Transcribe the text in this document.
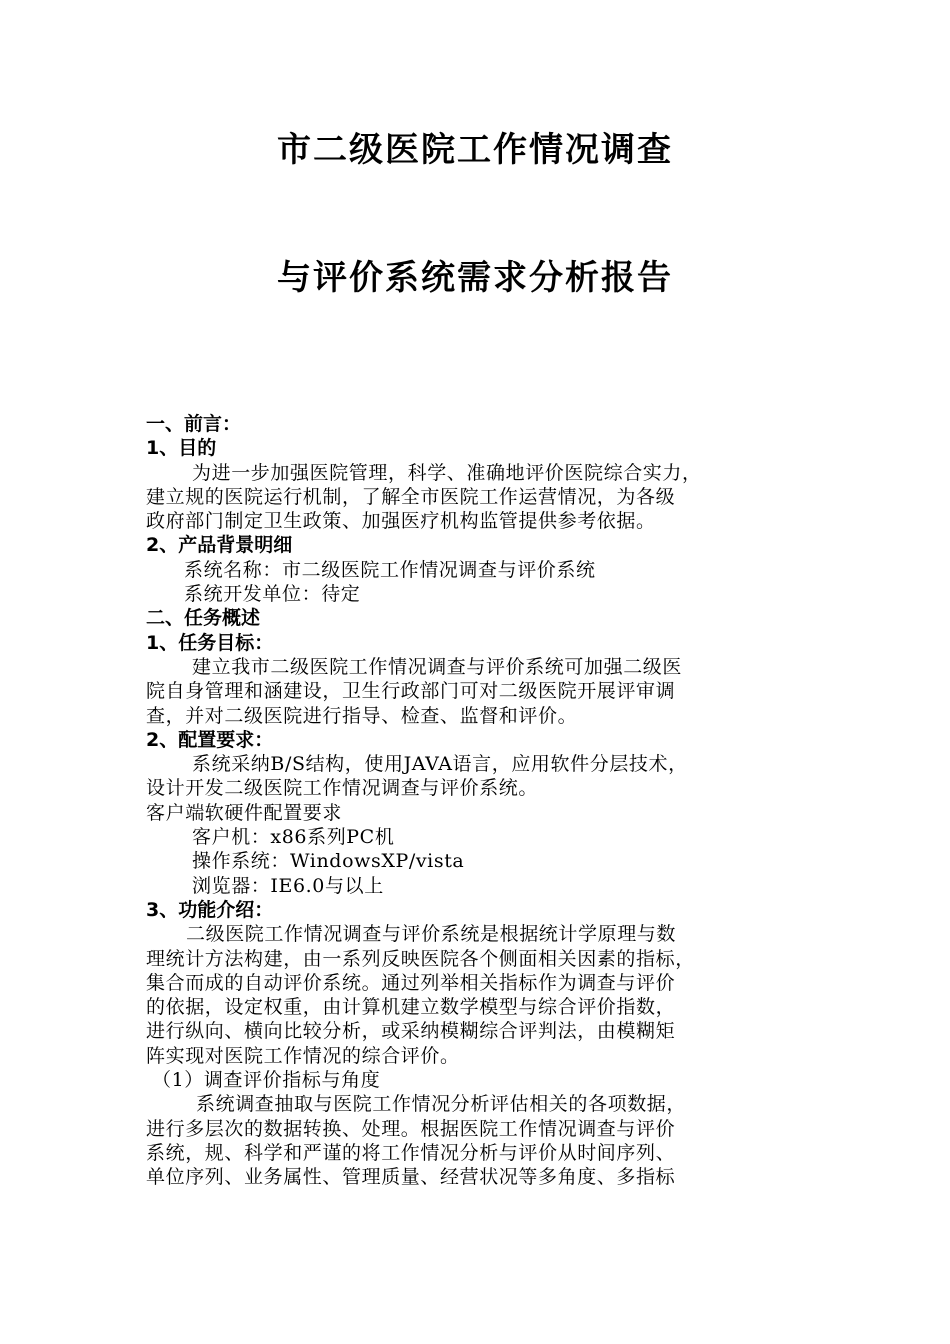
市二级医院工作情况调查
与评价系统需求分析报告
一、前言：
1、目的
为进一步加强医院管理，科学、准确地评价医院综合实力，
建立规的医院运行机制，了解全市医院工作运营情况，为各级
政府部门制定卫生政策、加强医疗机构监管提供参考依据。
2、产品背景明细
系统名称：市二级医院工作情况调查与评价系统
系统开发单位：待定
二、任务概述
1、任务目标：
建立我市二级医院工作情况调查与评价系统可加强二级医
院自身管理和涵建设，卫生行政部门可对二级医院开展评审调
查，并对二级医院进行指导、检查、监督和评价。
2、配置要求：
系统采纳B/S结构，使用JAVA语言，应用软件分层技术，
设计开发二级医院工作情况调查与评价系统。
客户端软硬件配置要求
客户机：x86系列PC机
操作系统：WindowsXP/vista
浏览器：IE6.0与以上
3、功能介绍：
二级医院工作情况调查与评价系统是根据统计学原理与数
理统计方法构建，由一系列反映医院各个侧面相关因素的指标，
集合而成的自动评价系统。通过列举相关指标作为调查与评价
的依据，设定权重，由计算机建立数学模型与综合评价指数，
进行纵向、横向比较分析，或采纳模糊综合评判法，由模糊矩
阵实现对医院工作情况的综合评价。
（1）调查评价指标与角度
系统调查抽取与医院工作情况分析评估相关的各项数据，
进行多层次的数据转换、处理。根据医院工作情况调查与评价
系统，规、科学和严谨的将工作情况分析与评价从时间序列、
单位序列、业务属性、管理质量、经营状况等多角度、多指标
